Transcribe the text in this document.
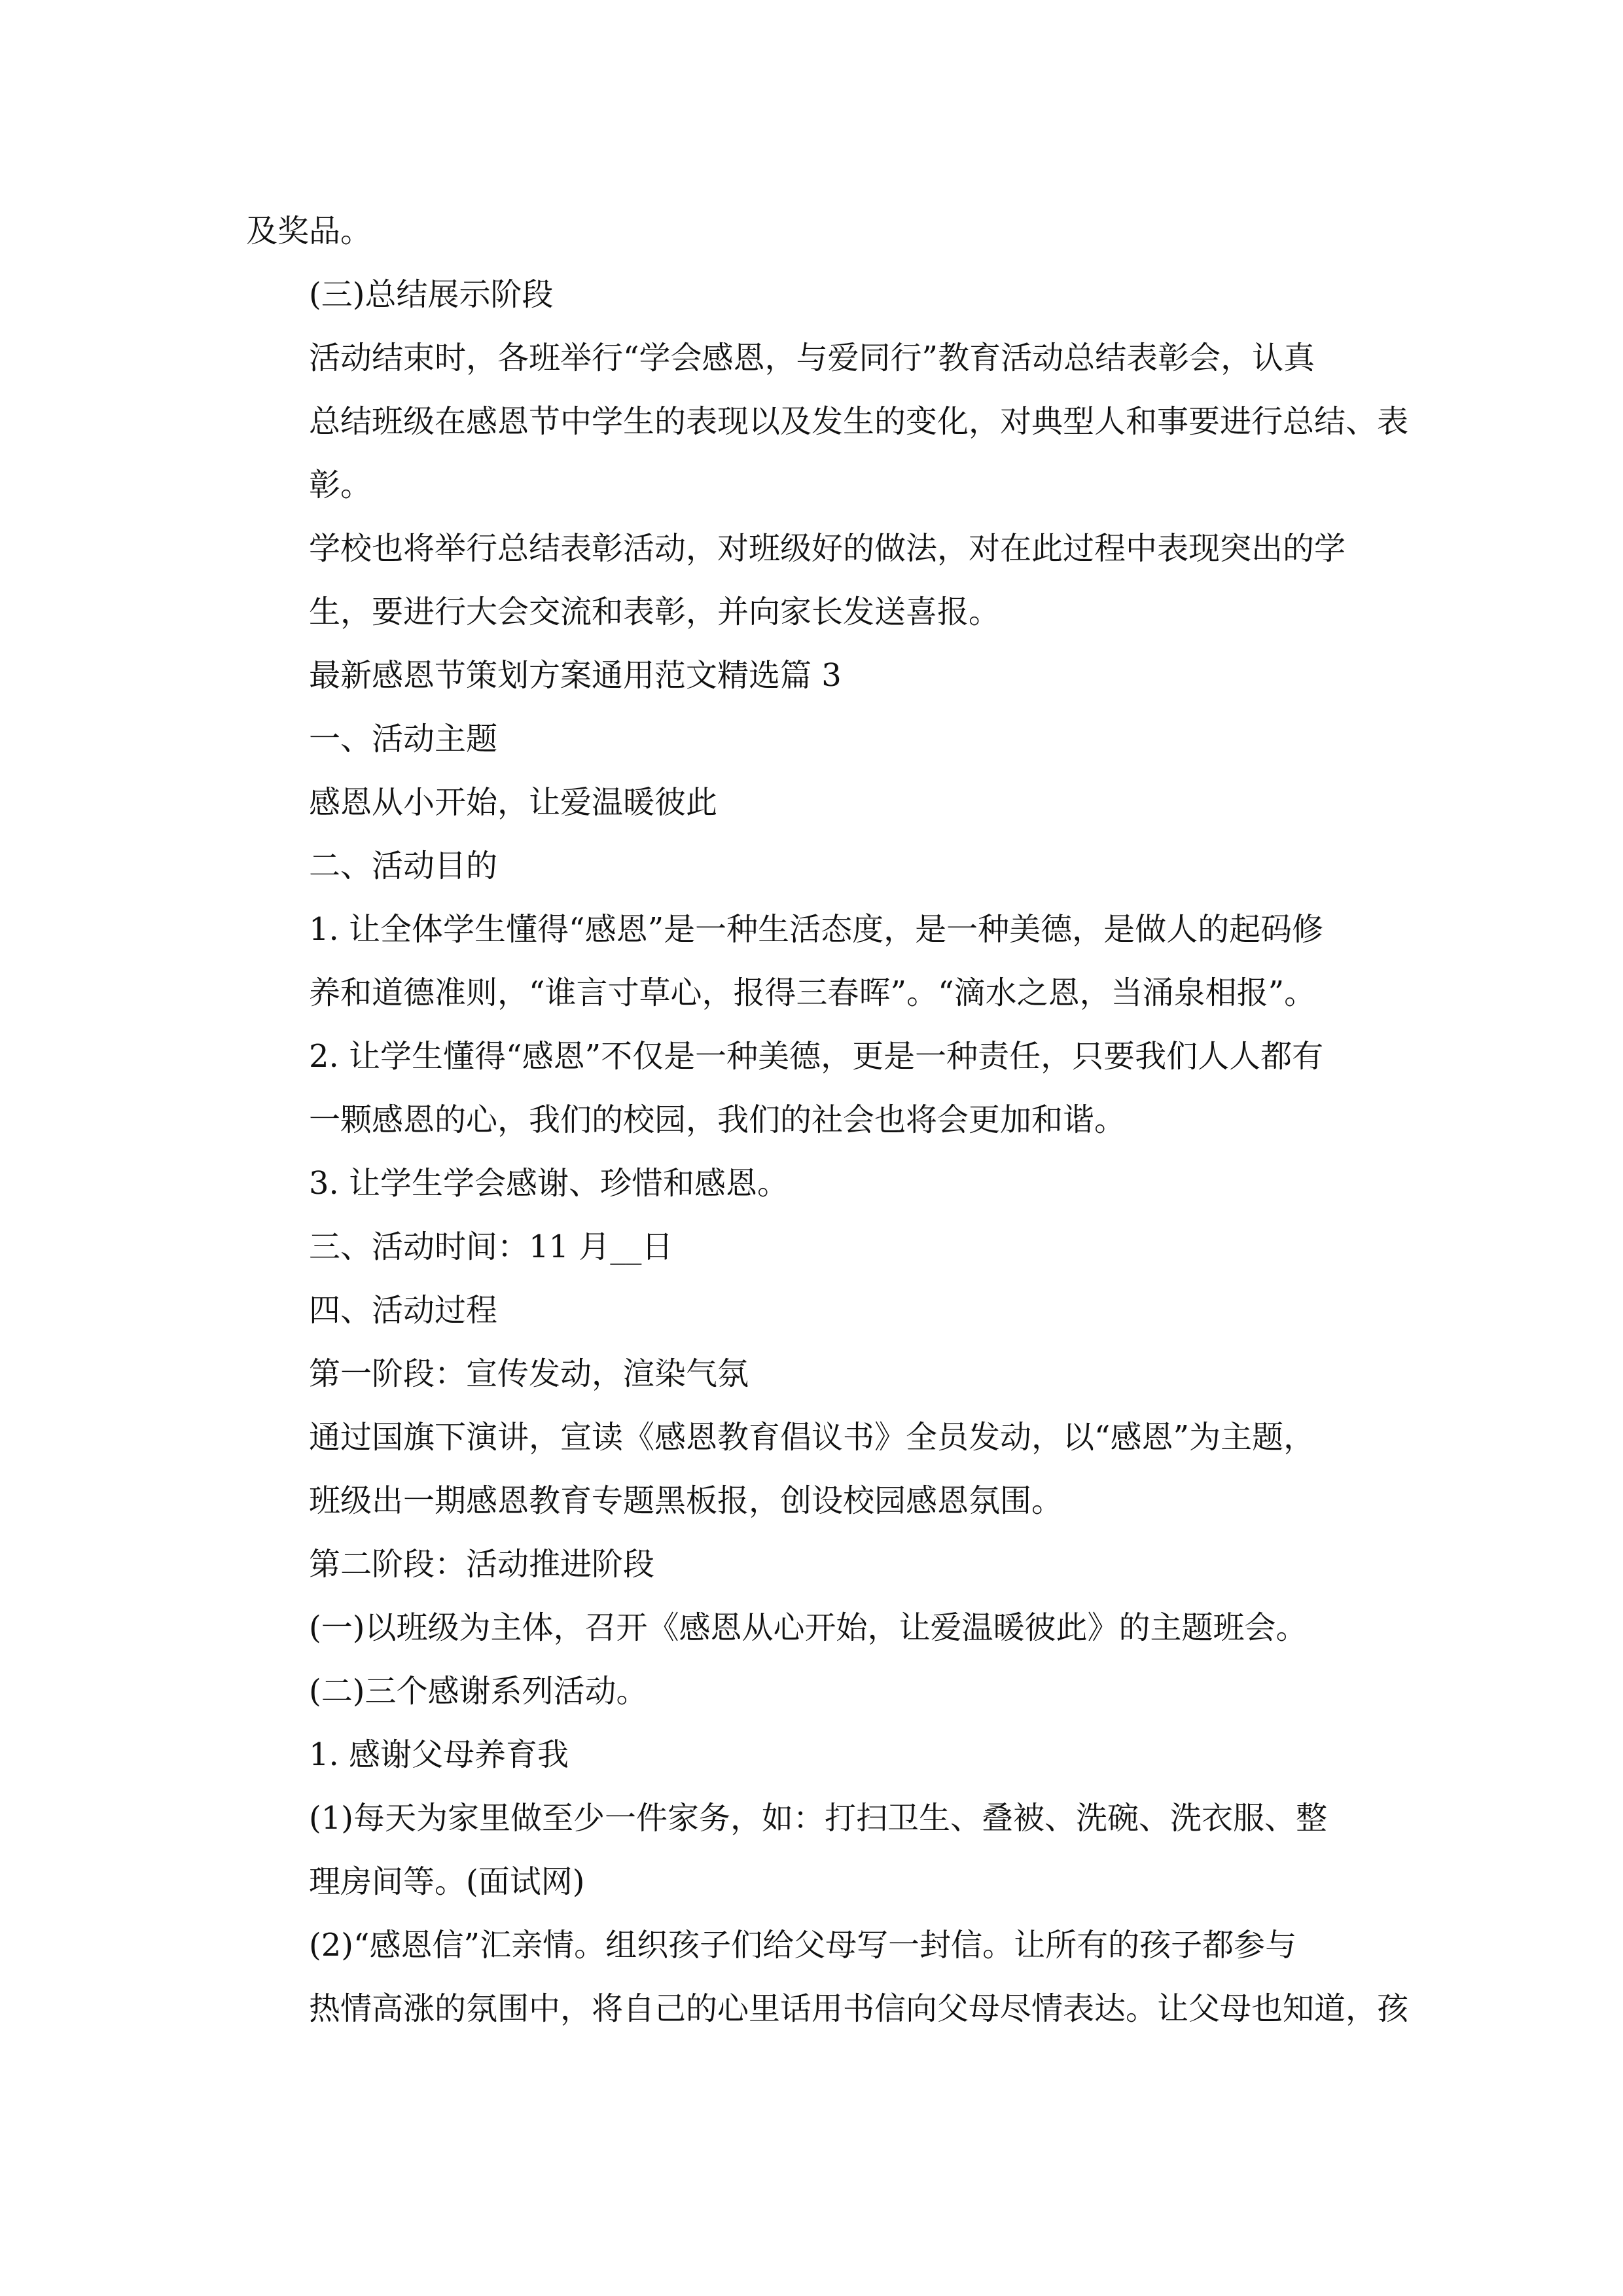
及奖品。

(三)总结展示阶段

活动结束时，各班举行“学会感恩，与爱同行”教育活动总结表彰会，认真
总结班级在感恩节中学生的表现以及发生的变化，对典型人和事要进行总结、表
彰。

学校也将举行总结表彰活动，对班级好的做法，对在此过程中表现突出的学
生，要进行大会交流和表彰，并向家长发送喜报。

最新感恩节策划方案通用范文精选篇 3

一、活动主题

感恩从小开始，让爱温暖彼此

二、活动目的

1. 让全体学生懂得“感恩”是一种生活态度，是一种美德，是做人的起码修
养和道德准则，“谁言寸草心，报得三春晖”。“滴水之恩，当涌泉相报”。

2. 让学生懂得“感恩”不仅是一种美德，更是一种责任，只要我们人人都有
一颗感恩的心，我们的校园，我们的社会也将会更加和谐。

3. 让学生学会感谢、珍惜和感恩。

三、活动时间：11 月__日

四、活动过程

第一阶段：宣传发动，渲染气氛

通过国旗下演讲，宣读《感恩教育倡议书》全员发动，以“感恩”为主题，
班级出一期感恩教育专题黑板报，创设校园感恩氛围。

第二阶段：活动推进阶段

(一)以班级为主体，召开《感恩从心开始，让爱温暖彼此》的主题班会。

(二)三个感谢系列活动。

1. 感谢父母养育我

(1)每天为家里做至少一件家务，如：打扫卫生、叠被、洗碗、洗衣服、整
理房间等。(面试网)

(2)“感恩信”汇亲情。组织孩子们给父母写一封信。让所有的孩子都参与
热情高涨的氛围中，将自己的心里话用书信向父母尽情表达。让父母也知道，孩
